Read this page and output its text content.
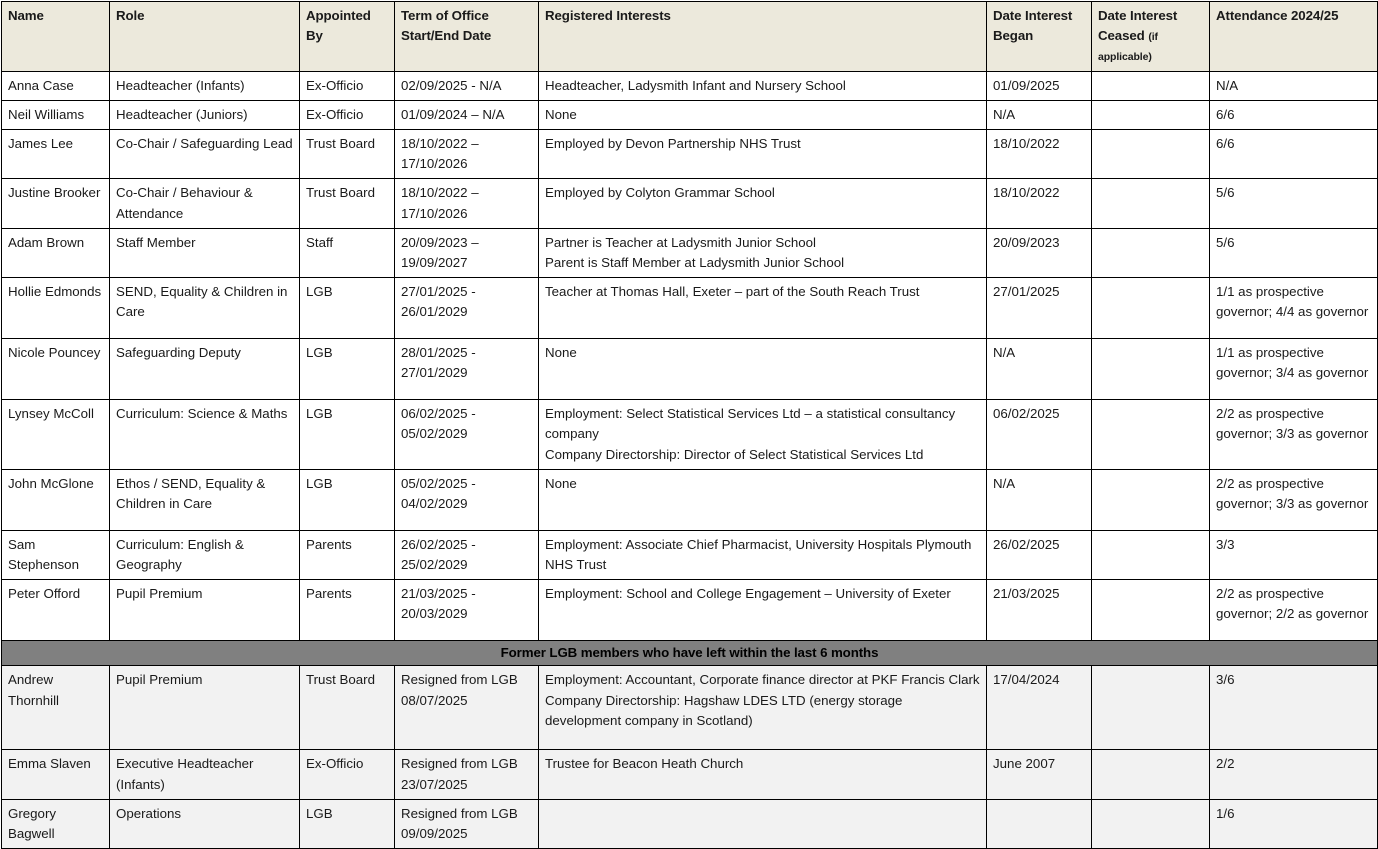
Name	Role	Appointed By	Term of Office Start/End Date	Registered Interests	Date Interest Began	Date Interest Ceased (if applicable)	Attendance 2024/25

Anna Case	Headteacher (Infants)	Ex-Officio	02/09/2025 - N/A	Headteacher, Ladysmith Infant and Nursery School	01/09/2025		N/A

Neil Williams	Headteacher (Juniors)	Ex-Officio	01/09/2024 – N/A	None	N/A		6/6

James Lee	Co-Chair / Safeguarding Lead	Trust Board	18/10/2022 – 17/10/2026	Employed by Devon Partnership NHS Trust	18/10/2022		6/6

Justine Brooker	Co-Chair / Behaviour & Attendance	Trust Board	18/10/2022 – 17/10/2026	Employed by Colyton Grammar School	18/10/2022		5/6

Adam Brown	Staff Member	Staff	20/09/2023 – 19/09/2027	Partner is Teacher at Ladysmith Junior School
Parent is Staff Member at Ladysmith Junior School	20/09/2023		5/6

Hollie Edmonds	SEND, Equality & Children in Care	LGB	27/01/2025 - 26/01/2029	Teacher at Thomas Hall, Exeter – part of the South Reach Trust	27/01/2025		1/1 as prospective governor; 4/4 as governor

Nicole Pouncey	Safeguarding Deputy	LGB	28/01/2025 - 27/01/2029	None	N/A		1/1 as prospective governor; 3/4 as governor

Lynsey McColl	Curriculum: Science & Maths	LGB	06/02/2025 - 05/02/2029	Employment: Select Statistical Services Ltd – a statistical consultancy company
Company Directorship: Director of Select Statistical Services Ltd	06/02/2025		2/2 as prospective governor; 3/3 as governor

John McGlone	Ethos / SEND, Equality & Children in Care	LGB	05/02/2025 - 04/02/2029	None	N/A		2/2 as prospective governor; 3/3 as governor

Sam Stephenson	Curriculum: English & Geography	Parents	26/02/2025 - 25/02/2029	Employment: Associate Chief Pharmacist, University Hospitals Plymouth NHS Trust	26/02/2025		3/3

Peter Offord	Pupil Premium	Parents	21/03/2025 - 20/03/2029	Employment: School and College Engagement – University of Exeter	21/03/2025		2/2 as prospective governor; 2/2 as governor

Former LGB members who have left within the last 6 months							

Andrew Thornhill	Pupil Premium	Trust Board	Resigned from LGB 08/07/2025	Employment: Accountant, Corporate finance director at PKF Francis Clark
Company Directorship: Hagshaw LDES LTD (energy storage development company in Scotland)	17/04/2024		3/6

Emma Slaven	Executive Headteacher (Infants)	Ex-Officio	Resigned from LGB 23/07/2025	Trustee for Beacon Heath Church	June 2007		2/2

Gregory Bagwell	Operations	LGB	Resigned from LGB 09/09/2025				1/6
